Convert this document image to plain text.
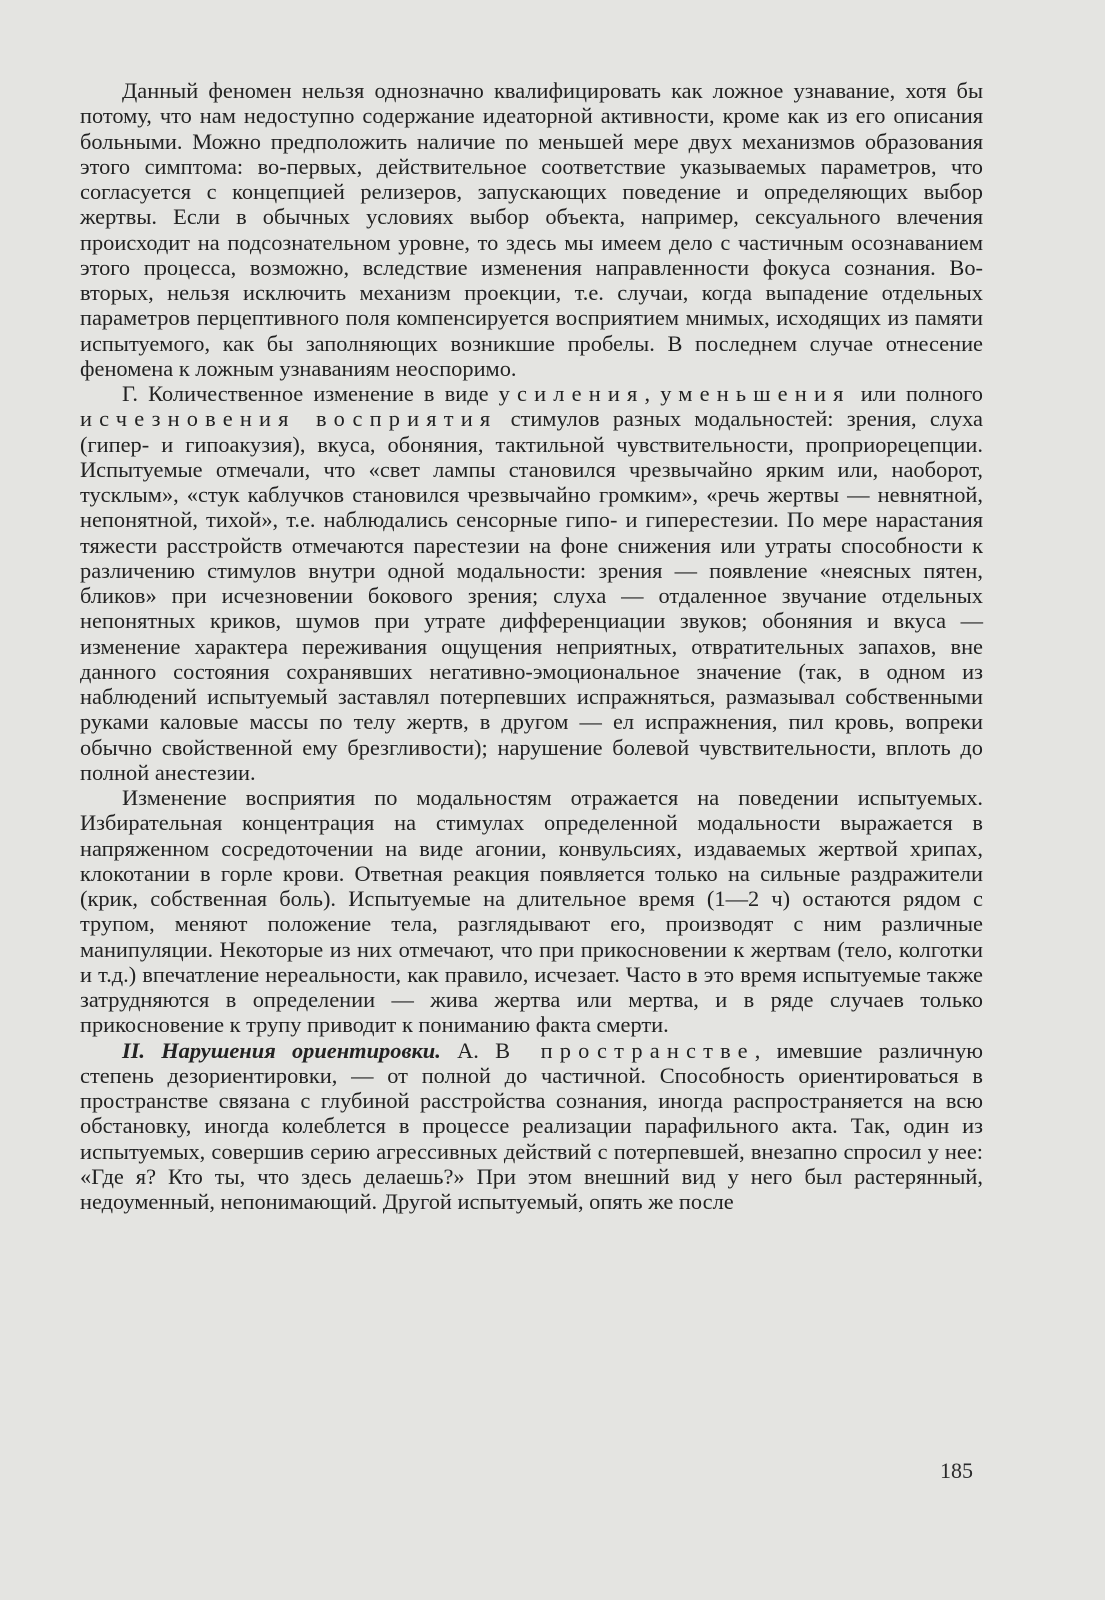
Данный феномен нельзя однозначно квалифицировать как ложное узнавание, хотя бы потому, что нам недоступно содержание идеаторной активности, кроме как из его описания больными. Можно предположить наличие по меньшей мере двух механизмов образования этого симптома: во-первых, действительное соответствие указываемых параметров, что согласуется с концепцией релизеров, запускающих поведение и определяющих выбор жертвы. Если в обычных условиях выбор объекта, например, сексуального влечения происходит на подсознательном уровне, то здесь мы имеем дело с частичным осознаванием этого процесса, возможно, вследствие изменения направленности фокуса сознания. Во-вторых, нельзя исключить механизм проекции, т.е. случаи, когда выпадение отдельных параметров перцептивного поля компенсируется восприятием мнимых, исходящих из памяти испытуемого, как бы заполняющих возникшие пробелы. В последнем случае отнесение феномена к ложным узнаваниям неоспоримо.

Г. Количественное изменение в виде усиления, уменьшения или полного исчезновения восприятия стимулов разных модальностей: зрения, слуха (гипер- и гипоакузия), вкуса, обоняния, тактильной чувствительности, проприорецепции. Испытуемые отмечали, что «свет лампы становился чрезвычайно ярким или, наоборот, тусклым», «стук каблучков становился чрезвычайно громким», «речь жертвы — невнятной, непонятной, тихой», т.е. наблюдались сенсорные гипо- и гиперестезии. По мере нарастания тяжести расстройств отмечаются парестезии на фоне снижения или утраты способности к различению стимулов внутри одной модальности: зрения — появление «неясных пятен, бликов» при исчезновении бокового зрения; слуха — отдаленное звучание отдельных непонятных криков, шумов при утрате дифференциации звуков; обоняния и вкуса — изменение характера переживания ощущения неприятных, отвратительных запахов, вне данного состояния сохранявших негативно-эмоциональное значение (так, в одном из наблюдений испытуемый заставлял потерпевших испражняться, размазывал собственными руками каловые массы по телу жертв, в другом — ел испражнения, пил кровь, вопреки обычно свойственной ему брезгливости); нарушение болевой чувствительности, вплоть до полной анестезии.

Изменение восприятия по модальностям отражается на поведении испытуемых. Избирательная концентрация на стимулах определенной модальности выражается в напряженном сосредоточении на виде агонии, конвульсиях, издаваемых жертвой хрипах, клокотании в горле крови. Ответная реакция появляется только на сильные раздражители (крик, собственная боль). Испытуемые на длительное время (1—2 ч) остаются рядом с трупом, меняют положение тела, разглядывают его, производят с ним различные манипуляции. Некоторые из них отмечают, что при прикосновении к жертвам (тело, колготки и т.д.) впечатление нереальности, как правило, исчезает. Часто в это время испытуемые также затрудняются в определении — жива жертва или мертва, и в ряде случаев только прикосновение к трупу приводит к пониманию факта смерти.

II. Нарушения ориентировки. А. В пространстве, имевшие различную степень дезориентировки, — от полной до частичной. Способность ориентироваться в пространстве связана с глубиной расстройства сознания, иногда распространяется на всю обстановку, иногда колеблется в процессе реализации парафильного акта. Так, один из испытуемых, совершив серию агрессивных действий с потерпевшей, внезапно спросил у нее: «Где я? Кто ты, что здесь делаешь?» При этом внешний вид у него был растерянный, недоуменный, непонимающий. Другой испытуемый, опять же после

185
